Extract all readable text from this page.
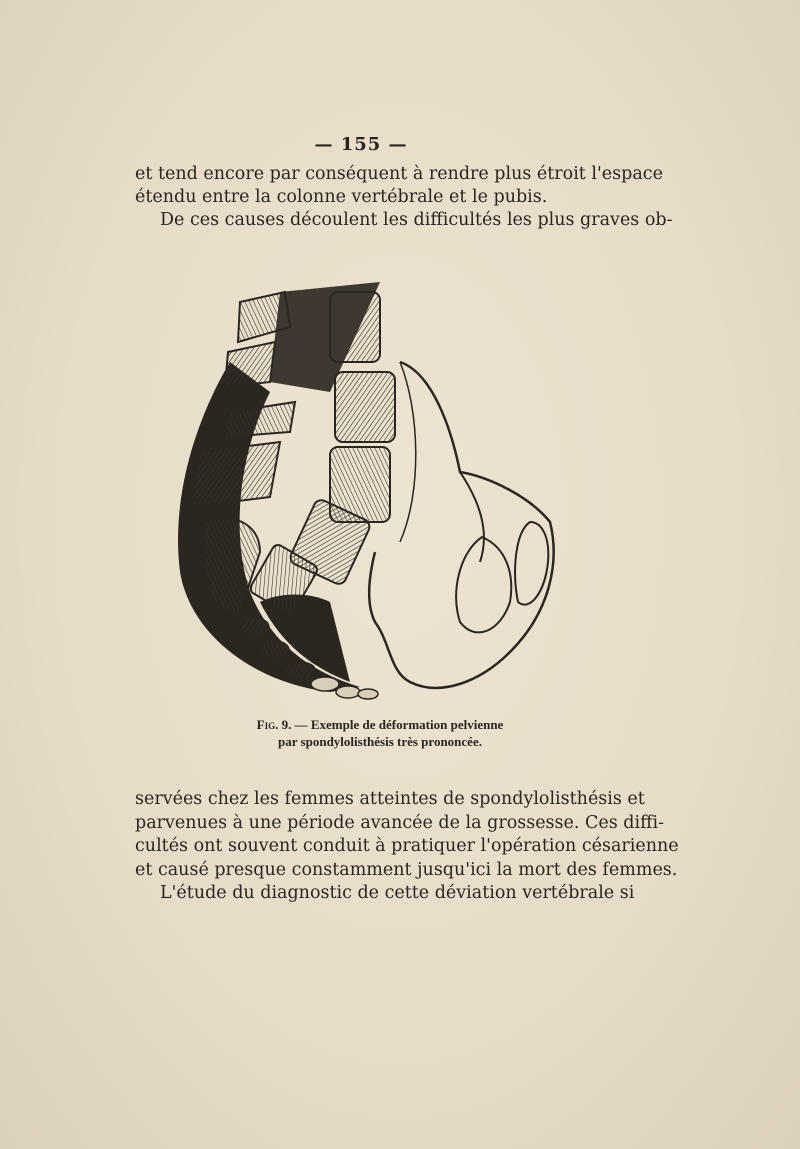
— 155 —
et tend encore par conséquent à rendre plus étroit l'espace
étendu entre la colonne vertébrale et le pubis.
De ces causes découlent les difficultés les plus graves ob-
Fig. 9. — Exemple de déformation pelvienne
par spondylolisthésis très prononcée.
servées chez les femmes atteintes de spondylolisthésis et
parvenues à une période avancée de la grossesse. Ces diffi-
cultés ont souvent conduit à pratiquer l'opération césarienne
et causé presque constamment jusqu'ici la mort des femmes.
L'étude du diagnostic de cette déviation vertébrale si
